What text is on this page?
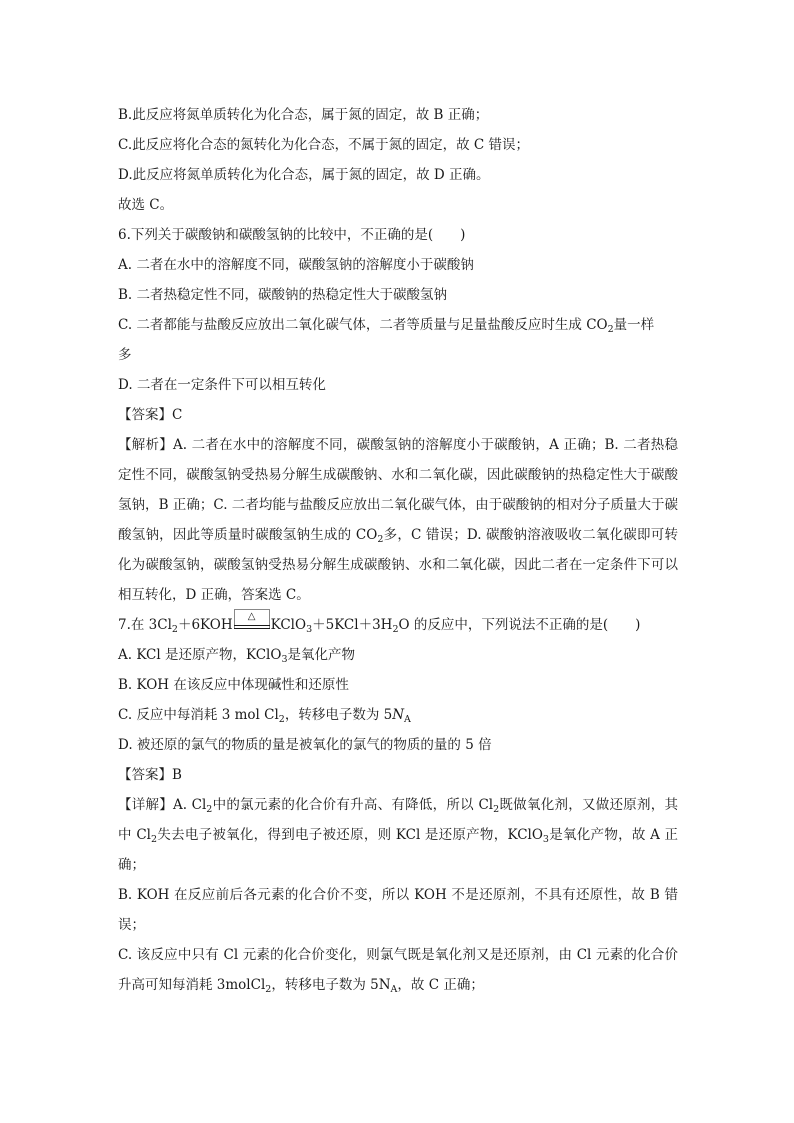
B.此反应将氮单质转化为化合态，属于氮的固定，故 B 正确；
C.此反应将化合态的氮转化为化合态，不属于氮的固定，故 C 错误；
D.此反应将氮单质转化为化合态，属于氮的固定，故 D 正确。
故选 C。
6.下列关于碳酸钠和碳酸氢钠的比较中，不正确的是(　　)
A. 二者在水中的溶解度不同，碳酸氢钠的溶解度小于碳酸钠
B. 二者热稳定性不同，碳酸钠的热稳定性大于碳酸氢钠
C. 二者都能与盐酸反应放出二氧化碳气体，二者等质量与足量盐酸反应时生成 $CO_2$量一样
多
D. 二者在一定条件下可以相互转化
【答案】C
【解析】A. 二者在水中的溶解度不同，碳酸氢钠的溶解度小于碳酸钠，A 正确；B. 二者热稳定性不同，碳酸氢钠受热易分解生成碳酸钠、水和二氧化碳，因此碳酸钠的热稳定性大于碳酸氢钠，B 正确；C. 二者均能与盐酸反应放出二氧化碳气体，由于碳酸钠的相对分子质量大于碳酸氢钠，因此等质量时碳酸氢钠生成的 $CO_2$多，C 错误；D. 碳酸钠溶液吸收二氧化碳即可转化为碳酸氢钠，碳酸氢钠受热易分解生成碳酸钠、水和二氧化碳，因此二者在一定条件下可以相互转化，D 正确，答案选 C。
7.在 $3Cl_2+6KOH$
△
$KClO_3+5KCl+3H_2O$ 的反应中，下列说法不正确的是(　　)
A. KCl 是还原产物，KClO$_3$是氧化产物
B. KOH 在该反应中体现碱性和还原性
C. 反应中每消耗 3 mol $Cl_2$，转移电子数为 $5N_A$
D. 被还原的氯气的物质的量是被氧化的氯气的物质的量的 5 倍
【答案】B
【详解】A. $Cl_2$中的氯元素的化合价有升高、有降低，所以 $Cl_2$既做氧化剂，又做还原剂，其中 $Cl_2$失去电子被氧化，得到电子被还原，则 KCl 是还原产物，KClO$_3$是氧化产物，故 A 正确；
B. KOH 在反应前后各元素的化合价不变，所以 KOH 不是还原剂，不具有还原性，故 B 错误；
C. 该反应中只有 Cl 元素的化合价变化，则氯气既是氧化剂又是还原剂，由 Cl 元素的化合价升高可知每消耗 3molCl$_2$，转移电子数为 $5N_A$，故 C 正确；
